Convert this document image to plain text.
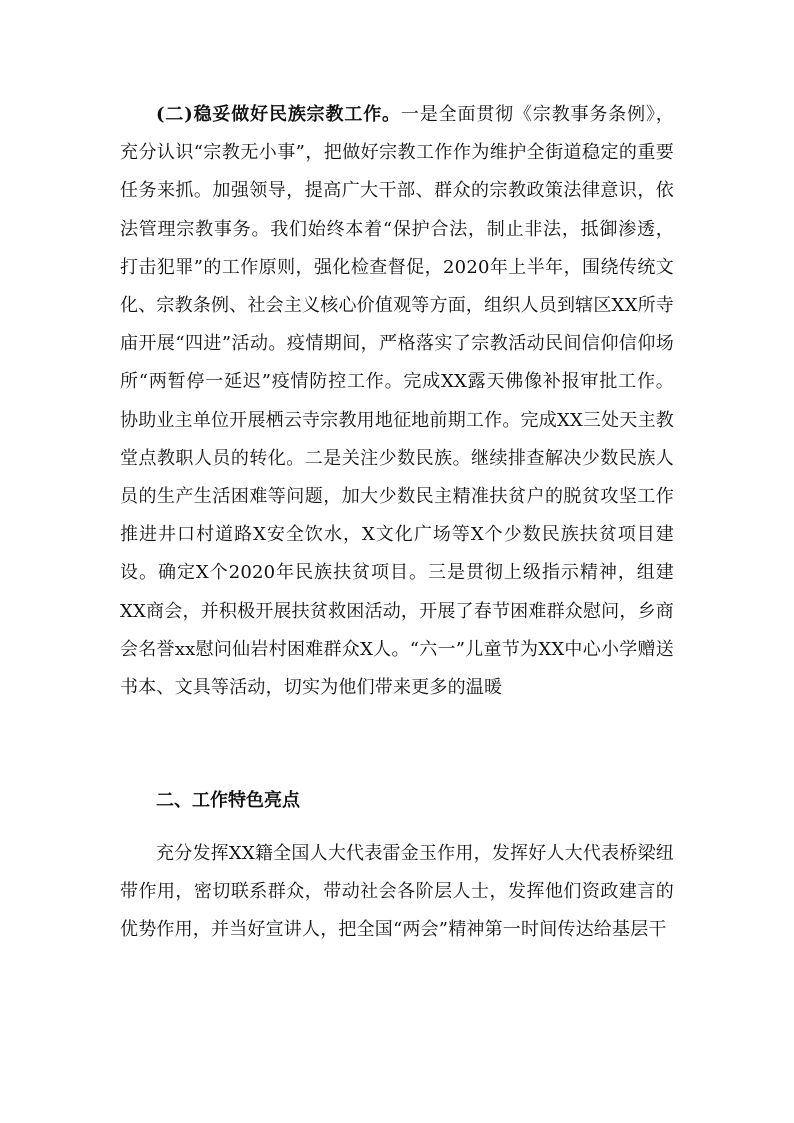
(二)稳妥做好民族宗教工作。一是全面贯彻《宗教事务条例》，充分认识“宗教无小事”，把做好宗教工作作为维护全街道稳定的重要任务来抓。加强领导，提高广大干部、群众的宗教政策法律意识，依法管理宗教事务。我们始终本着“保护合法，制止非法，抵御渗透，打击犯罪”的工作原则，强化检查督促，2020年上半年，围绕传统文化、宗教条例、社会主义核心价值观等方面，组织人员到辖区XX所寺庙开展“四进”活动。疫情期间，严格落实了宗教活动民间信仰信仰场所“两暂停一延迟”疫情防控工作。完成XX露天佛像补报审批工作。协助业主单位开展栖云寺宗教用地征地前期工作。完成XX三处天主教堂点教职人员的转化。二是关注少数民族。继续排查解决少数民族人员的生产生活困难等问题，加大少数民主精准扶贫户的脱贫攻坚工作推进井口村道路X安全饮水，X文化广场等X个少数民族扶贫项目建设。确定X个2020年民族扶贫项目。三是贯彻上级指示精神，组建XX商会，并积极开展扶贫救困活动，开展了春节困难群众慰问，乡商会名誉xx慰问仙岩村困难群众X人。“六一”儿童节为XX中心小学赠送书本、文具等活动，切实为他们带来更多的温暖

二、工作特色亮点

充分发挥XX籍全国人大代表雷金玉作用，发挥好人大代表桥梁纽带作用，密切联系群众，带动社会各阶层人士，发挥他们资政建言的优势作用，并当好宣讲人，把全国“两会”精神第一时间传达给基层干
